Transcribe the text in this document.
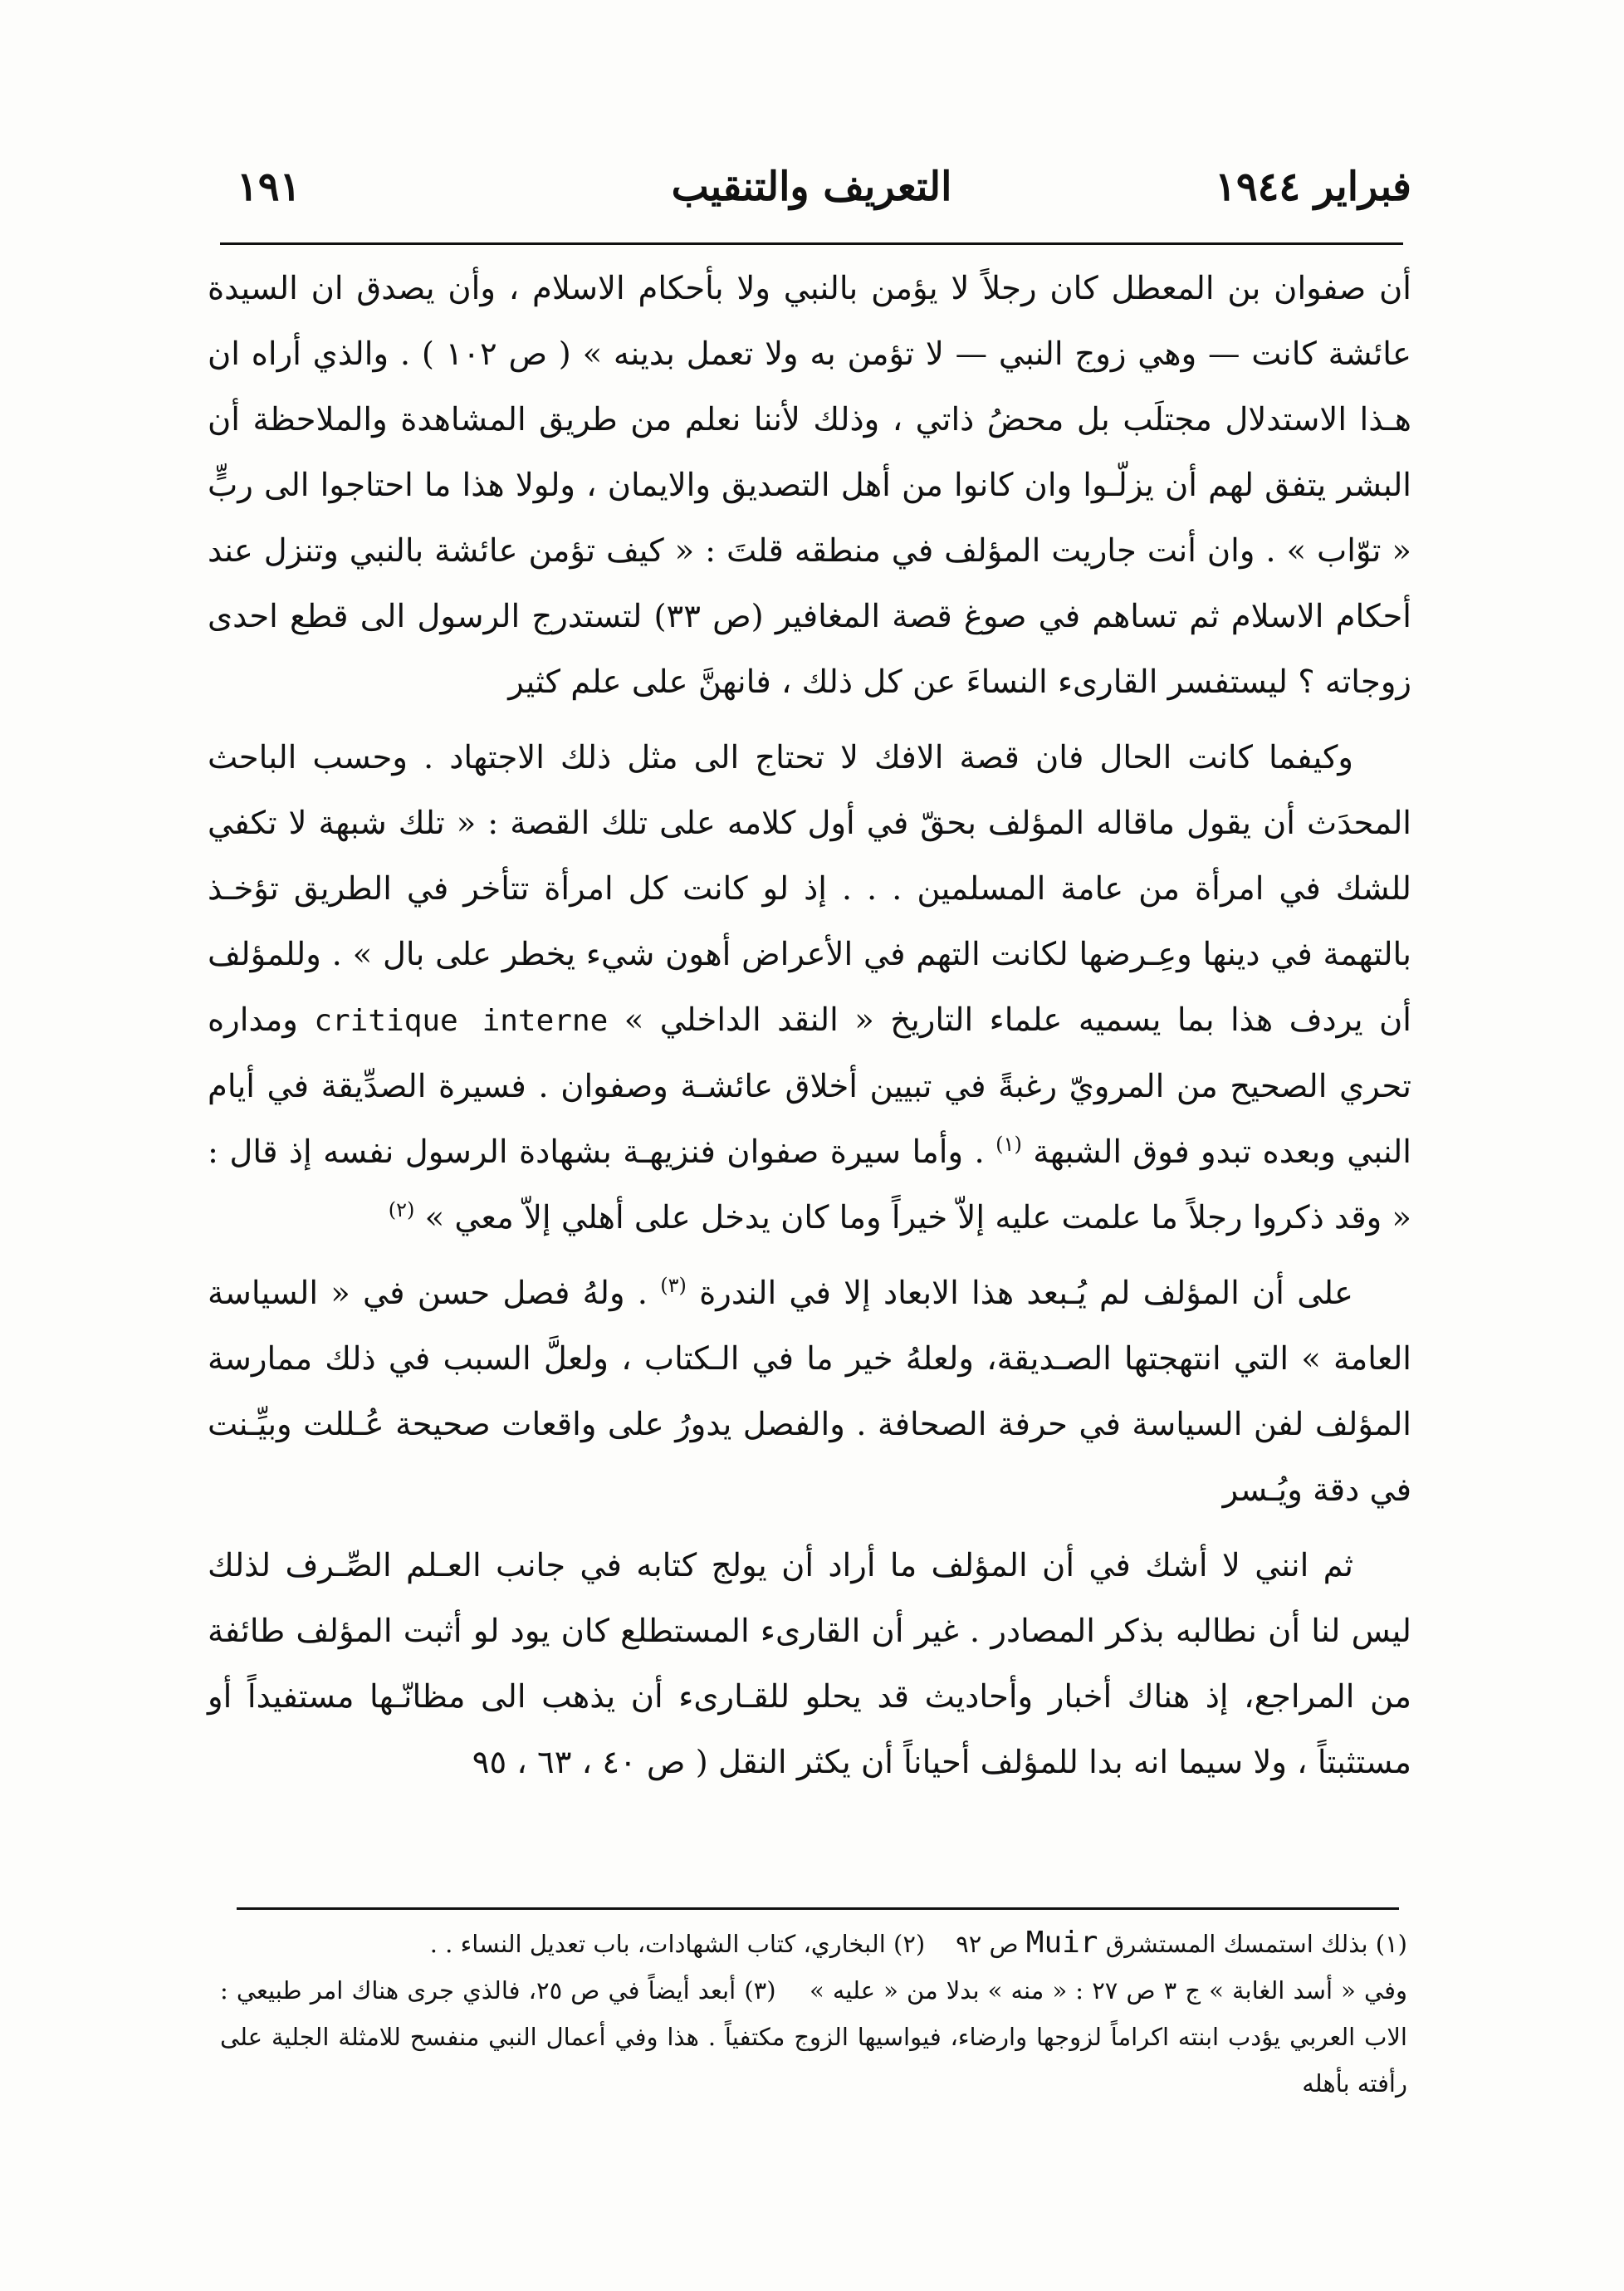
فبراير ١٩٤٤
التعريف والتنقيب
١٩١

أن صفوان بن المعطل كان رجلاً لا يؤمن بالنبي ولا بأحكام الاسلام ، وأن يصدق ان السيدة عائشة كانت — وهي زوج النبي — لا تؤمن به ولا تعمل بدينه » ( ص ١٠٢ ) . والذي أراه ان هـذا الاستدلال مجتلَب بل محضُ ذاتي ، وذلك لأننا نعلم من طريق المشاهدة والملاحظة أن البشر يتفق لهم أن يزلّـوا وان كانوا من أهل التصديق والايمان ، ولولا هذا ما احتاجوا الى ربٍّ « توّاب » . وان أنت جاريت المؤلف في منطقه قلتَ : « كيف تؤمن عائشة بالنبي وتنزل عند أحكام الاسلام ثم تساهم في صوغ قصة المغافير (ص ٣٣) لتستدرج الرسول الى قطع احدى زوجاته ؟ ليستفسر القارىء النساءَ عن كل ذلك ، فانهنَّ على علم كثير

وكيفما كانت الحال فان قصة الافك لا تحتاج الى مثل ذلك الاجتهاد . وحسب الباحث المحدَث أن يقول ماقاله المؤلف بحقّ في أول كلامه على تلك القصة : « تلك شبهة لا تكفي للشك في امرأة من عامة المسلمين . . . إذ لو كانت كل امرأة تتأخر في الطريق تؤخـذ بالتهمة في دينها وعِـرضها لكانت التهم في الأعراض أهون شيء يخطر على بال » . وللمؤلف أن يردف هذا بما يسميه علماء التاريخ « النقد الداخلي » critique interne ومداره تحري الصحيح من المرويّ رغبةً في تبيين أخلاق عائشـة وصفوان . فسيرة الصدِّيقة في أيام النبي وبعده تبدو فوق الشبهة $^{(١)}$ . وأما سيرة صفوان فنزيهـة بشهادة الرسول نفسه إذ قال : « وقد ذكروا رجلاً ما علمت عليه إلاّ خيراً وما كان يدخل على أهلي إلاّ معي » $^{(٢)}$

على أن المؤلف لم يُـبعد هذا الابعاد إلا في الندرة $^{(٣)}$ . ولهُ فصل حسن في « السياسة العامة » التي انتهجتها الصـديقة، ولعلهُ خير ما في الـكتاب ، ولعلَّ السبب في ذلك ممارسة المؤلف لفن السياسة في حرفة الصحافة . والفصل يدورُ على واقعات صحيحة عُـللت وبيِّـنت في دقة ويُـسر

ثم انني لا أشك في أن المؤلف ما أراد أن يولج كتابه في جانب العـلم الصِّـرف لذلك ليس لنا أن نطالبه بذكر المصادر . غير أن القارىء المستطلع كان يود لو أثبت المؤلف طائفة من المراجع، إذ هناك أخبار وأحاديث قد يحلو للقـارىء أن يذهب الى مظانّـها مستفيداً أو مستثبتاً ، ولا سيما انه بدا للمؤلف أحياناً أن يكثر النقل ( ص ٤٠ ، ٦٣ ، ٩٥

(١) بذلك استمسك المستشرق Muir ص ٩٢    (٢) البخاري، كتاب الشهادات، باب تعديل النساء . .

وفي « أسد الغابة » ج ٣ ص ٢٧ : « منه » بدلا من « عليه »    (٣) أبعد أيضاً في ص ٢٥، فالذي جرى هناك امر طبيعي : الاب العربي يؤدب ابنته اكراماً لزوجها وارضاء، فيواسيها الزوج مكتفياً . هذا وفي أعمال النبي منفسح للامثلة الجلية على رأفته بأهله
